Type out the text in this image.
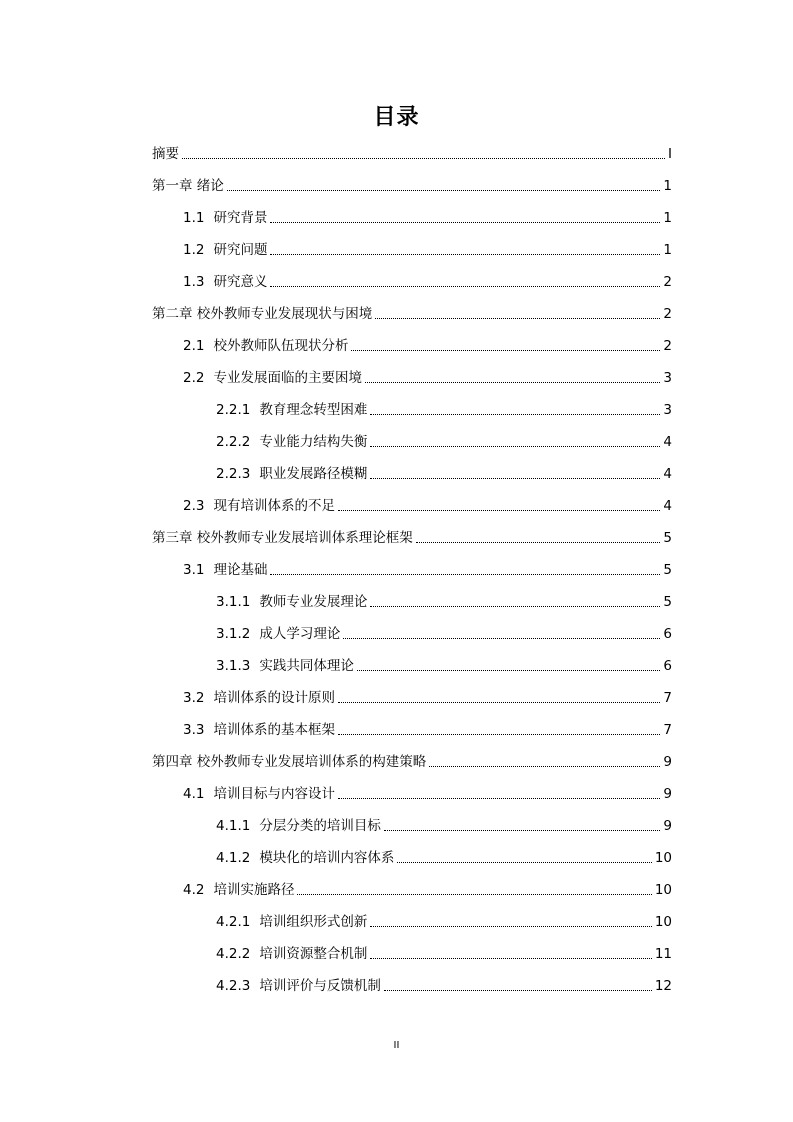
目录
摘要	I
第一章 绪论	1
1.1 研究背景	1
1.2 研究问题	1
1.3 研究意义	2
第二章 校外教师专业发展现状与困境	2
2.1 校外教师队伍现状分析	2
2.2 专业发展面临的主要困境	3
2.2.1 教育理念转型困难	3
2.2.2 专业能力结构失衡	4
2.2.3 职业发展路径模糊	4
2.3 现有培训体系的不足	4
第三章 校外教师专业发展培训体系理论框架	5
3.1 理论基础	5
3.1.1 教师专业发展理论	5
3.1.2 成人学习理论	6
3.1.3 实践共同体理论	6
3.2 培训体系的设计原则	7
3.3 培训体系的基本框架	7
第四章 校外教师专业发展培训体系的构建策略	9
4.1 培训目标与内容设计	9
4.1.1 分层分类的培训目标	9
4.1.2 模块化的培训内容体系	10
4.2 培训实施路径	10
4.2.1 培训组织形式创新	10
4.2.2 培训资源整合机制	11
4.2.3 培训评价与反馈机制	12
II
